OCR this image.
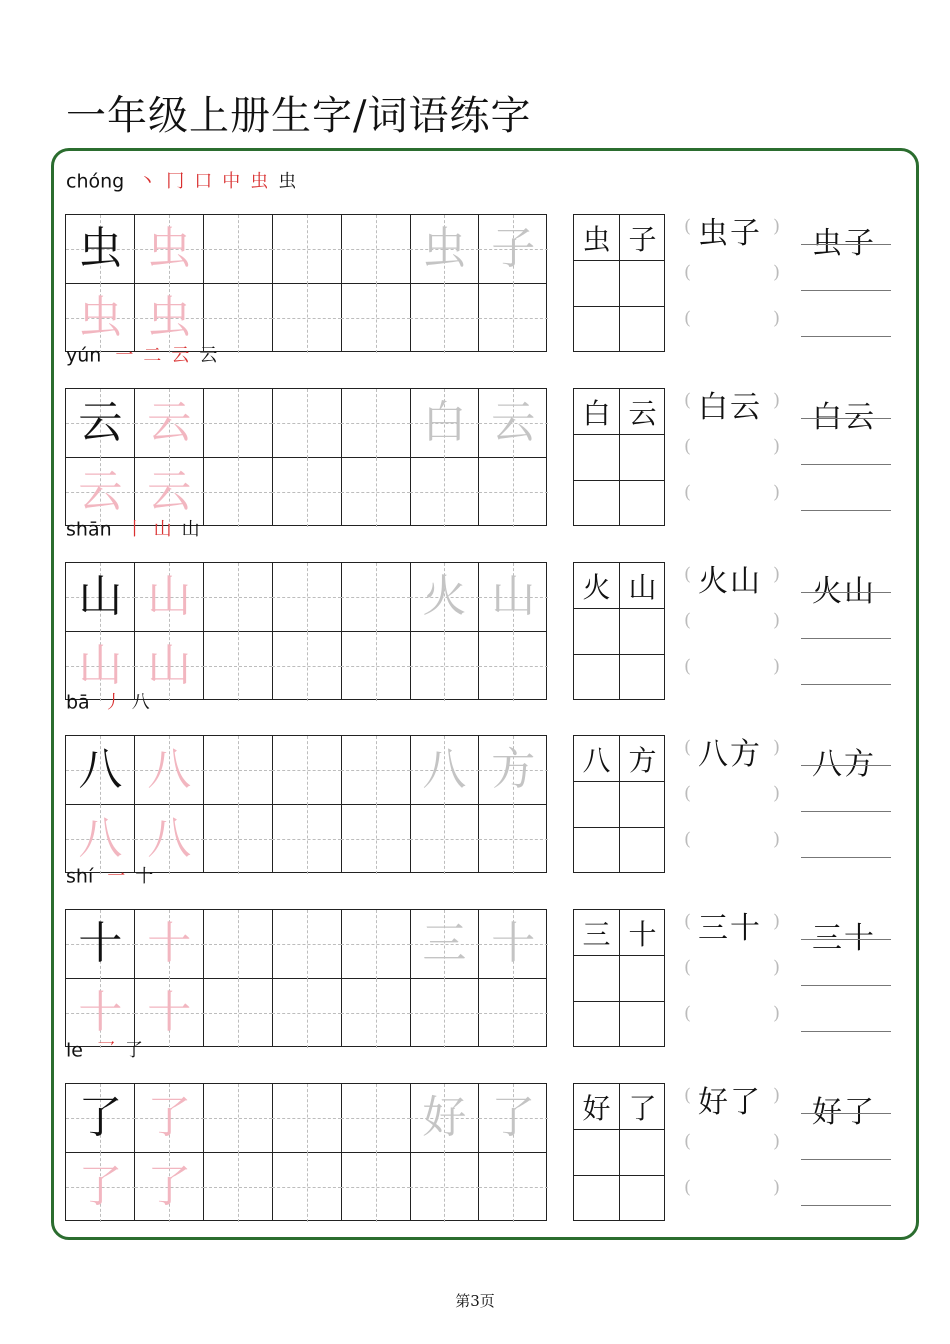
一年级上册生字/词语练字
chóng 丶 冂 口 中 虫 虫
虫 虫	虫 子
虫 虫
虫 子	(	)
虫子
(	)
(	)
虫子
yún 一 二 云 云
云 云	白 云
云 云
白 云	(	)
白云
(	)
(	)
白云
shān 丨 山 山
山 山	火 山
山 山
火 山	(	)
火山
(	)
(	)
火山
bā 丿 八
八 八	八 方
八 八
八 方	(	)
八方
(	)
(	)
八方
shí 一 十
十 十	三 十
十 十
三 十	(	)
三十
(	)
(	)
三十
le 乛 了
了 了	好 了
了 了
好 了	(	)
好了
(	)
(	)
好了
第3页
